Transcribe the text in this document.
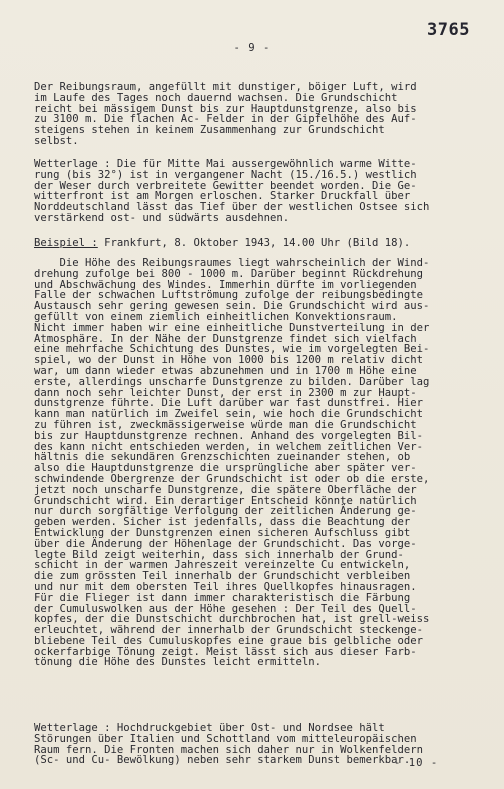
3765
- 9 -
Der Reibungsraum, angefüllt mit dunstiger, böiger Luft, wird
im Laufe des Tages noch dauernd wachsen. Die Grundschicht
reicht bei mässigem Dunst bis zur Hauptdunstgrenze, also bis
zu 3100 m. Die flachen Ac- Felder in der Gipfelhöhe des Auf-
steigens stehen in keinem Zusammenhang zur Grundschicht
selbst.
Wetterlage : Die für Mitte Mai aussergewöhnlich warme Witte-
rung (bis 32°) ist in vergangener Nacht (15./16.5.) westlich
der Weser durch verbreitete Gewitter beendet worden. Die Ge-
witterfront ist am Morgen erloschen. Starker Druckfall über
Norddeutschland lässt das Tief über der westlichen Ostsee sich
verstärkend ost- und südwärts ausdehnen.
Beispiel : Frankfurt, 8. Oktober 1943, 14.00 Uhr (Bild 18).
Die Höhe des Reibungsraumes liegt wahrscheinlich der Wind-
drehung zufolge bei 800 - 1000 m. Darüber beginnt Rückdrehung
und Abschwächung des Windes. Immerhin dürfte im vorliegenden
Falle der schwachen Luftströmung zufolge der reibungsbedingte
Austausch sehr gering gewesen sein. Die Grundschicht wird aus-
gefüllt von einem ziemlich einheitlichen Konvektionsraum.
Nicht immer haben wir eine einheitliche Dunstverteilung in der
Atmosphäre. In der Nähe der Dunstgrenze findet sich vielfach
eine mehrfache Schichtung des Dunstes, wie im vorgelegten Bei-
spiel, wo der Dunst in Höhe von 1000 bis 1200 m relativ dicht
war, um dann wieder etwas abzunehmen und in 1700 m Höhe eine
erste, allerdings unscharfe Dunstgrenze zu bilden. Darüber lag
dann noch sehr leichter Dunst, der erst in 2300 m zur Haupt-
dunstgrenze führte. Die Luft darüber war fast dunstfrei. Hier
kann man natürlich im Zweifel sein, wie hoch die Grundschicht
zu führen ist, zweckmässigerweise würde man die Grundschicht
bis zur Hauptdunstgrenze rechnen. Anhand des vorgelegten Bil-
des kann nicht entschieden werden, in welchem zeitlichen Ver-
hältnis die sekundären Grenzschichten zueinander stehen, ob
also die Hauptdunstgrenze die ursprüngliche aber später ver-
schwindende Obergrenze der Grundschicht ist oder ob die erste,
jetzt noch unscharfe Dunstgrenze, die spätere Oberfläche der
Grundschicht wird. Ein derartiger Entscheid könnte natürlich
nur durch sorgfältige Verfolgung der zeitlichen Änderung ge-
geben werden. Sicher ist jedenfalls, dass die Beachtung der
Entwicklung der Dunstgrenzen einen sicheren Aufschluss gibt
über die Änderung der Höhenlage der Grundschicht. Das vorge-
legte Bild zeigt weiterhin, dass sich innerhalb der Grund-
schicht in der warmen Jahreszeit vereinzelte Cu entwickeln,
die zum grössten Teil innerhalb der Grundschicht verbleiben
und nur mit dem obersten Teil ihres Quellkopfes hinausragen.
Für die Flieger ist dann immer charakteristisch die Färbung
der Cumuluswolken aus der Höhe gesehen : Der Teil des Quell-
kopfes, der die Dunstschicht durchbrochen hat, ist grell-weiss
erleuchtet, während der innerhalb der Grundschicht steckenge-
bliebene Teil des Cumuluskopfes eine graue bis gelbliche oder
ockerfarbige Tönung zeigt. Meist lässt sich aus dieser Farb-
tönung die Höhe des Dunstes leicht ermitteln.
Wetterlage : Hochdruckgebiet über Ost- und Nordsee hält
Störungen über Italien und Schottland vom mitteleuropäischen
Raum fern. Die Fronten machen sich daher nur in Wolkenfeldern
(Sc- und Cu- Bewölkung) neben sehr starkem Dunst bemerkbar.
- 10 -
